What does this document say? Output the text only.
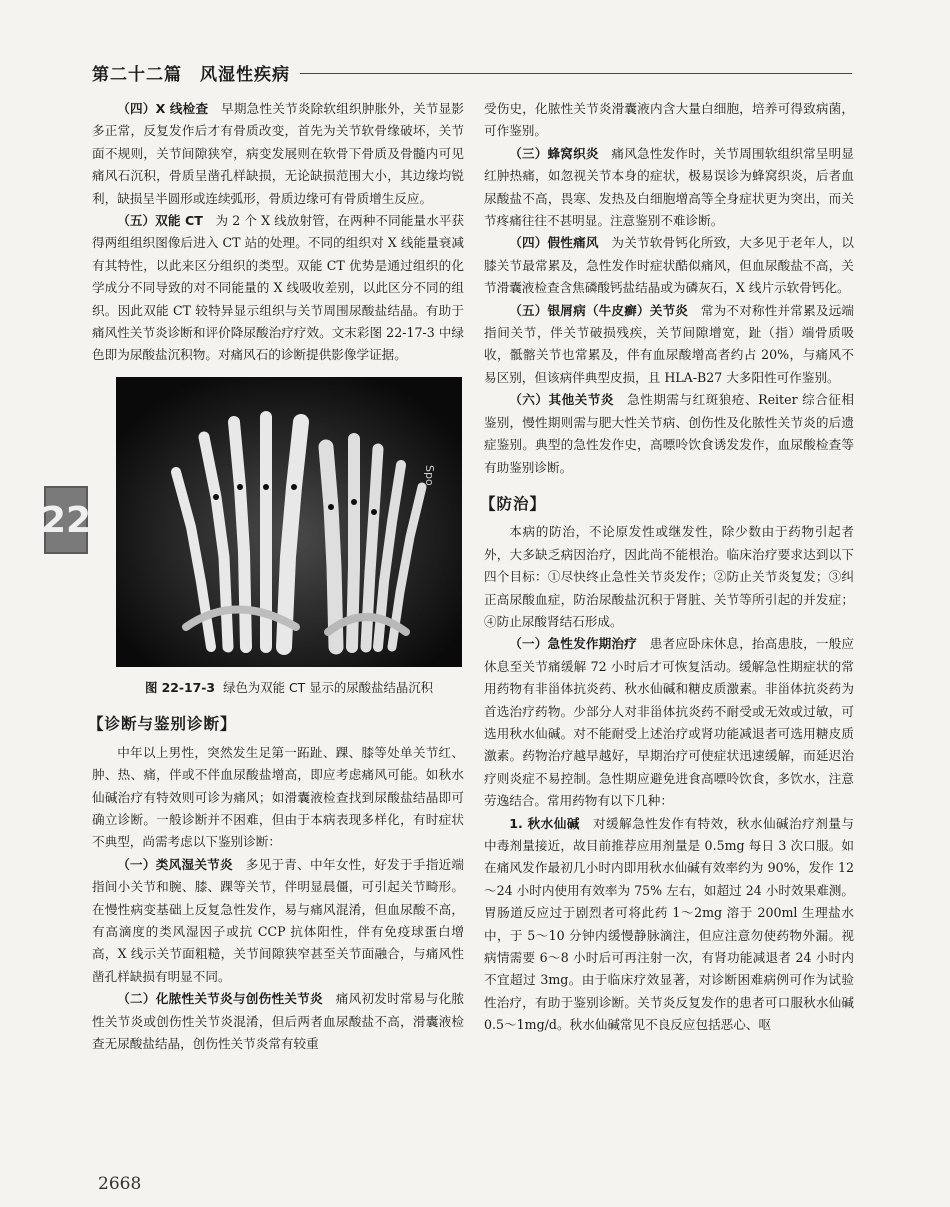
第二十二篇　风湿性疾病
22

（四）X 线检查　早期急性关节炎除软组织肿胀外，关节显影多正常，反复发作后才有骨质改变，首先为关节软骨缘破坏，关节面不规则，关节间隙狭窄，病变发展则在软骨下骨质及骨髓内可见痛风石沉积，骨质呈凿孔样缺损，无论缺损范围大小，其边缘均锐利，缺损呈半圆形或连续弧形，骨质边缘可有骨质增生反应。

（五）双能 CT　为 2 个 X 线放射管，在两种不同能量水平获得两组组织图像后进入 CT 站的处理。不同的组织对 X 线能量衰减有其特性，以此来区分组织的类型。双能 CT 优势是通过组织的化学成分不同导致的对不同能量的 X 线吸收差别，以此区分不同的组织。因此双能 CT 较特异显示组织与关节周围尿酸盐结晶。有助于痛风性关节炎诊断和评价降尿酸治疗疗效。文末彩图 22-17-3 中绿色即为尿酸盐沉积物。对痛风石的诊断提供影像学证据。

Spo
图 22-17-3 绿色为双能 CT 显示的尿酸盐结晶沉积
【诊断与鉴别诊断】

中年以上男性，突然发生足第一跖趾、踝、膝等处单关节红、肿、热、痛，伴或不伴血尿酸盐增高，即应考虑痛风可能。如秋水仙碱治疗有特效则可诊为痛风；如滑囊液检查找到尿酸盐结晶即可确立诊断。一般诊断并不困难，但由于本病表现多样化，有时症状不典型，尚需考虑以下鉴别诊断：

（一）类风湿关节炎　多见于青、中年女性，好发于手指近端指间小关节和腕、膝、踝等关节，伴明显晨僵，可引起关节畸形。在慢性病变基础上反复急性发作，易与痛风混淆，但血尿酸不高，有高滴度的类风湿因子或抗 CCP 抗体阳性，伴有免疫球蛋白增高，X 线示关节面粗糙，关节间隙狭窄甚至关节面融合，与痛风性凿孔样缺损有明显不同。

（二）化脓性关节炎与创伤性关节炎　痛风初发时常易与化脓性关节炎或创伤性关节炎混淆，但后两者血尿酸盐不高，滑囊液检查无尿酸盐结晶，创伤性关节炎常有较重

受伤史，化脓性关节炎滑囊液内含大量白细胞，培养可得致病菌，可作鉴别。

（三）蜂窝织炎　痛风急性发作时，关节周围软组织常呈明显红肿热痛，如忽视关节本身的症状，极易误诊为蜂窝织炎，后者血尿酸盐不高，畏寒、发热及白细胞增高等全身症状更为突出，而关节疼痛往往不甚明显。注意鉴别不难诊断。

（四）假性痛风　为关节软骨钙化所致，大多见于老年人，以膝关节最常累及，急性发作时症状酷似痛风，但血尿酸盐不高，关节滑囊液检查含焦磷酸钙盐结晶或为磷灰石，X 线片示软骨钙化。

（五）银屑病（牛皮癣）关节炎　常为不对称性并常累及远端指间关节，伴关节破损残疾，关节间隙增宽，趾（指）端骨质吸收，骶髂关节也常累及，伴有血尿酸增高者约占 20%，与痛风不易区别，但该病伴典型皮损，且 HLA-B27 大多阳性可作鉴别。

（六）其他关节炎　急性期需与红斑狼疮、Reiter 综合征相鉴别，慢性期则需与肥大性关节病、创伤性及化脓性关节炎的后遗症鉴别。典型的急性发作史，高嘌呤饮食诱发发作，血尿酸检查等有助鉴别诊断。

【防治】

本病的防治，不论原发性或继发性，除少数由于药物引起者外，大多缺乏病因治疗，因此尚不能根治。临床治疗要求达到以下四个目标：①尽快终止急性关节炎发作；②防止关节炎复发；③纠正高尿酸血症，防治尿酸盐沉积于肾脏、关节等所引起的并发症；④防止尿酸肾结石形成。

（一）急性发作期治疗　患者应卧床休息，抬高患肢，一般应休息至关节痛缓解 72 小时后才可恢复活动。缓解急性期症状的常用药物有非甾体抗炎药、秋水仙碱和糖皮质激素。非甾体抗炎药为首选治疗药物。少部分人对非甾体抗炎药不耐受或无效或过敏，可选用秋水仙碱。对不能耐受上述治疗或肾功能减退者可选用糖皮质激素。药物治疗越早越好，早期治疗可使症状迅速缓解，而延迟治疗则炎症不易控制。急性期应避免进食高嘌呤饮食，多饮水，注意劳逸结合。常用药物有以下几种：

1. 秋水仙碱　对缓解急性发作有特效，秋水仙碱治疗剂量与中毒剂量接近，故目前推荐应用剂量是 0.5mg 每日 3 次口服。如在痛风发作最初几小时内即用秋水仙碱有效率约为 90%，发作 12～24 小时内使用有效率为 75% 左右，如超过 24 小时效果难测。胃肠道反应过于剧烈者可将此药 1～2mg 溶于 200ml 生理盐水中，于 5～10 分钟内缓慢静脉滴注，但应注意勿使药物外漏。视病情需要 6～8 小时后可再注射一次，有肾功能减退者 24 小时内不宜超过 3mg。由于临床疗效显著，对诊断困难病例可作为试验性治疗，有助于鉴别诊断。关节炎反复发作的患者可口服秋水仙碱 0.5～1mg/d。秋水仙碱常见不良反应包括恶心、呕

2668
